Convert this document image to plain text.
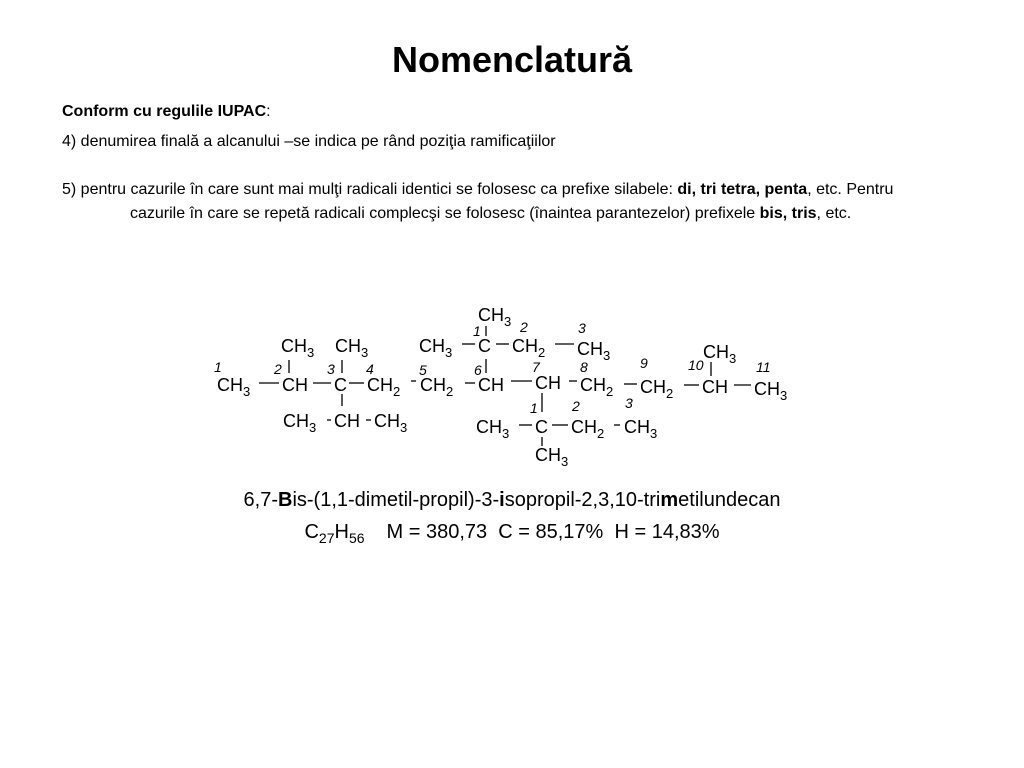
Nomenclatură

Conform cu regulile IUPAC:

4) denumirea finală a alcanului –se indica pe rând poziţia ramificaţiilor

5) pentru cazurile în care sunt mai mulţi radicali identici se folosesc ca prefixe silabele: di, tri tetra, penta, etc. Pentru cazurile în care se repetă radicali complecşi se folosesc (înaintea parantezelor) prefixele bis, tris, etc.

$CH_3$
$CH_3$ C $CH_2$ $CH_3$
$CH_3$ $CH_3$	$CH_3$
$CH_3$ CH C $CH_2$ $CH_2$ CH CH $CH_2$ $CH_2$ CH $CH_3$
$CH_3$ CH $CH_3$	$CH_3$ C $CH_2$ $CH_3$
$CH_3$
1	2	3 4	5	6	7	8	9	10	11
1	2	3
1 2	3
6,7-Bis-(1,1-dimetil-propil)-3-isopropil-2,3,10-trimetilundecan
$C_{27}H_{56}$ M = 380,73 C = 85,17% H = 14,83%
